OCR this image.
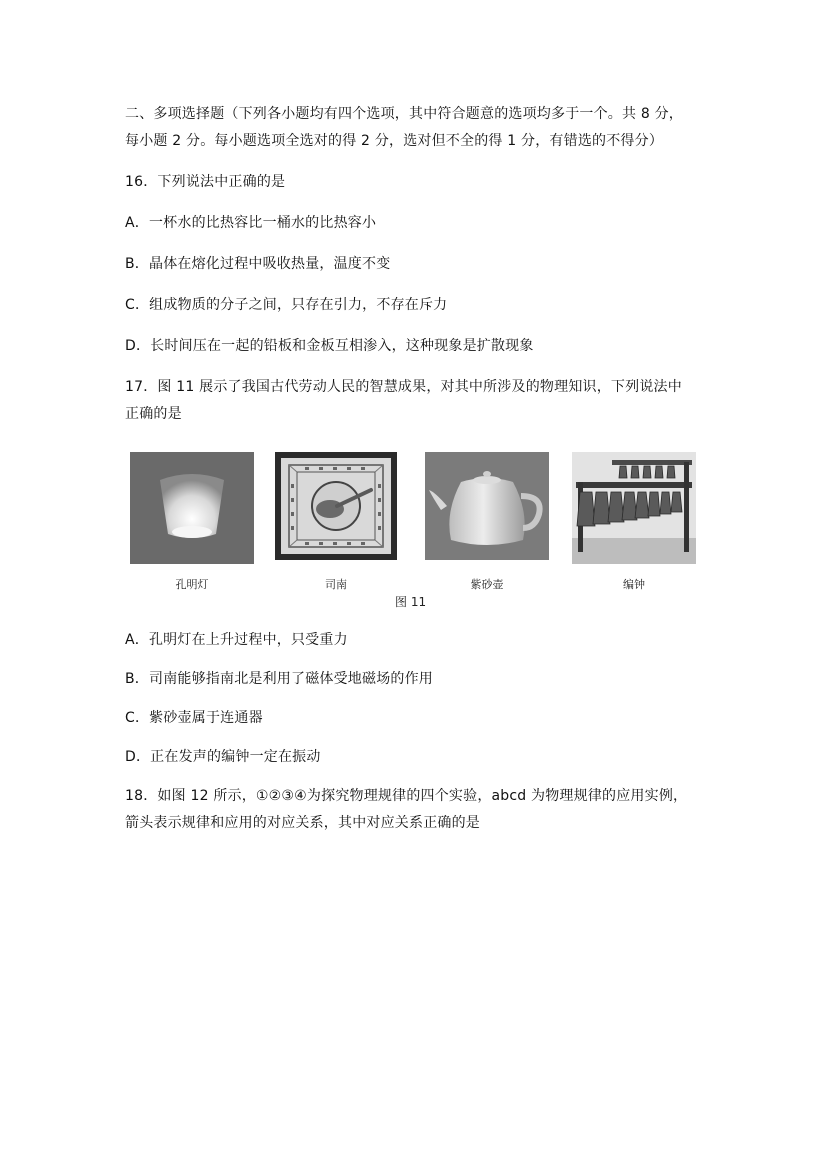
二、多项选择题（下列各小题均有四个选项，其中符合题意的选项均多于一个。共 8 分，
每小题 2 分。每小题选项全选对的得 2 分，选对但不全的得 1 分，有错选的不得分）
16．下列说法中正确的是
A．一杯水的比热容比一桶水的比热容小
B．晶体在熔化过程中吸收热量，温度不变
C．组成物质的分子之间，只存在引力，不存在斥力
D．长时间压在一起的铅板和金板互相渗入，这种现象是扩散现象
17．图 11 展示了我国古代劳动人民的智慧成果，对其中所涉及的物理知识，下列说法中
正确的是
孔明灯	司南	紫砂壶	编钟
图 11
A．孔明灯在上升过程中，只受重力
B．司南能够指南北是利用了磁体受地磁场的作用
C．紫砂壶属于连通器
D．正在发声的编钟一定在振动
18．如图 12 所示，①②③④为探究物理规律的四个实验，abcd 为物理规律的应用实例，
箭头表示规律和应用的对应关系，其中对应关系正确的是
